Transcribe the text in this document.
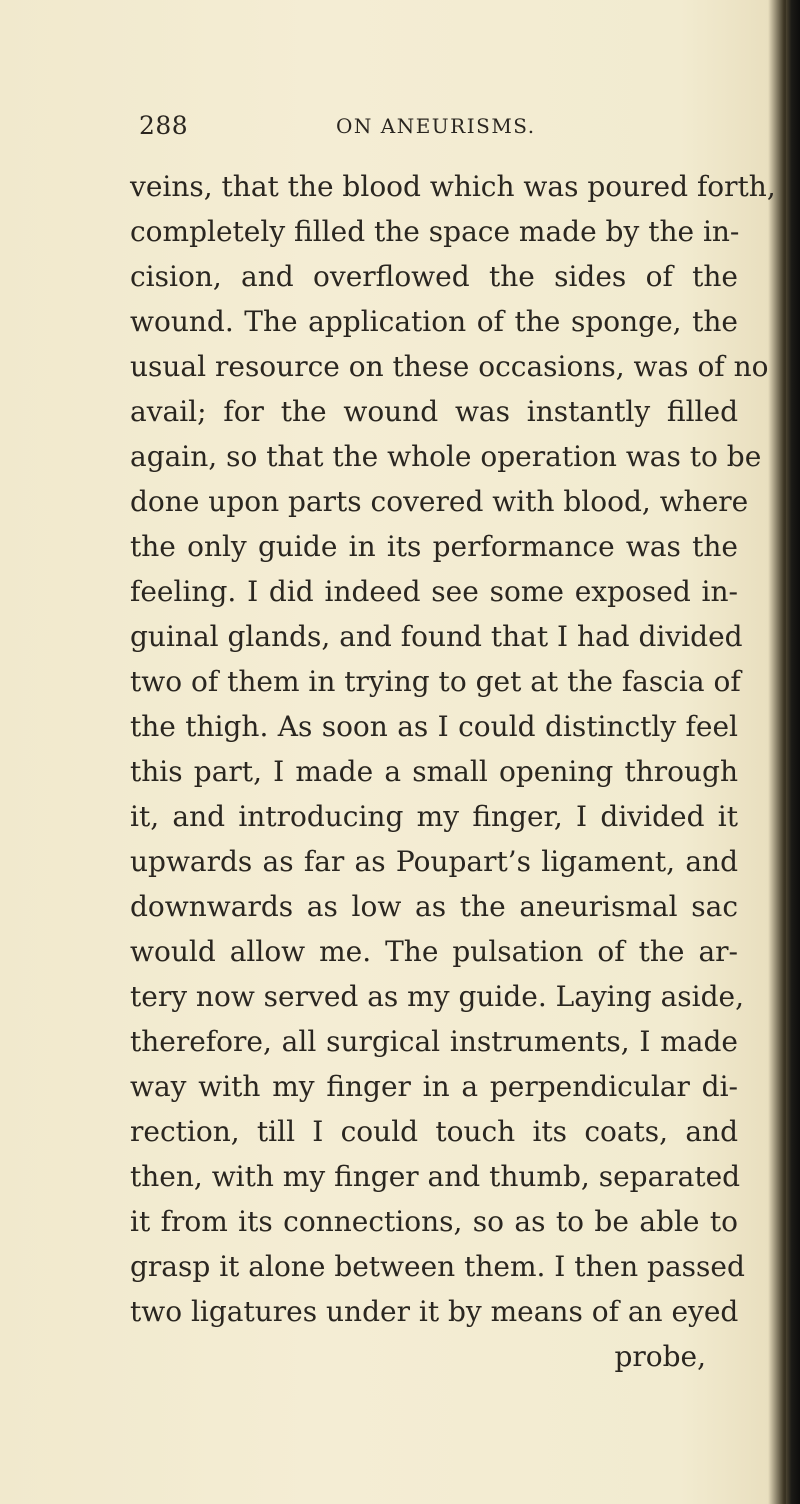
288	ON ANEURISMS.
veins, that the blood which was poured forth,
completely filled the space made by the in-
cision, and overflowed the sides of the
wound. The application of the sponge, the
usual resource on these occasions, was of no
avail; for the wound was instantly filled
again, so that the whole operation was to be
done upon parts covered with blood, where
the only guide in its performance was the
feeling. I did indeed see some exposed in-
guinal glands, and found that I had divided
two of them in trying to get at the fascia of
the thigh. As soon as I could distinctly feel
this part, I made a small opening through
it, and introducing my finger, I divided it
upwards as far as Poupart’s ligament, and
downwards as low as the aneurismal sac
would allow me. The pulsation of the ar-
tery now served as my guide. Laying aside,
therefore, all surgical instruments, I made
way with my finger in a perpendicular di-
rection, till I could touch its coats, and
then, with my finger and thumb, separated
it from its connections, so as to be able to
grasp it alone between them. I then passed
two ligatures under it by means of an eyed
probe,
